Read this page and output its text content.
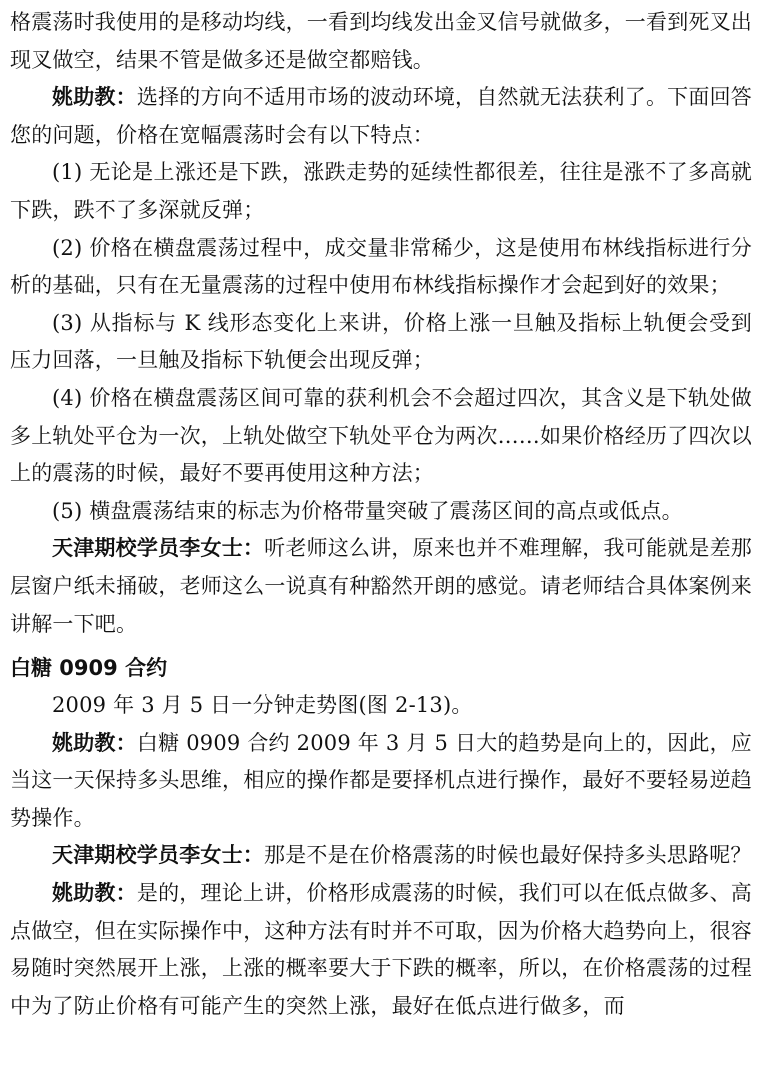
格震荡时我使用的是移动均线，一看到均线发出金叉信号就做多，一看到死叉出现叉做空，结果不管是做多还是做空都赔钱。

姚助教：选择的方向不适用市场的波动环境，自然就无法获利了。下面回答您的问题，价格在宽幅震荡时会有以下特点：

(1) 无论是上涨还是下跌，涨跌走势的延续性都很差，往往是涨不了多高就下跌，跌不了多深就反弹；

(2) 价格在横盘震荡过程中，成交量非常稀少，这是使用布林线指标进行分析的基础，只有在无量震荡的过程中使用布林线指标操作才会起到好的效果；

(3) 从指标与 K 线形态变化上来讲，价格上涨一旦触及指标上轨便会受到压力回落，一旦触及指标下轨便会出现反弹；

(4) 价格在横盘震荡区间可靠的获利机会不会超过四次，其含义是下轨处做多上轨处平仓为一次，上轨处做空下轨处平仓为两次……如果价格经历了四次以上的震荡的时候，最好不要再使用这种方法；

(5) 横盘震荡结束的标志为价格带量突破了震荡区间的高点或低点。

天津期校学员李女士：听老师这么讲，原来也并不难理解，我可能就是差那层窗户纸未捅破，老师这么一说真有种豁然开朗的感觉。请老师结合具体案例来讲解一下吧。

白糖 0909 合约

2009 年 3 月 5 日一分钟走势图(图 2-13)。

姚助教：白糖 0909 合约 2009 年 3 月 5 日大的趋势是向上的，因此，应当这一天保持多头思维，相应的操作都是要择机点进行操作，最好不要轻易逆趋势操作。

天津期校学员李女士：那是不是在价格震荡的时候也最好保持多头思路呢？

姚助教：是的，理论上讲，价格形成震荡的时候，我们可以在低点做多、高点做空，但在实际操作中，这种方法有时并不可取，因为价格大趋势向上，很容易随时突然展开上涨，上涨的概率要大于下跌的概率，所以，在价格震荡的过程中为了防止价格有可能产生的突然上涨，最好在低点进行做多，而
